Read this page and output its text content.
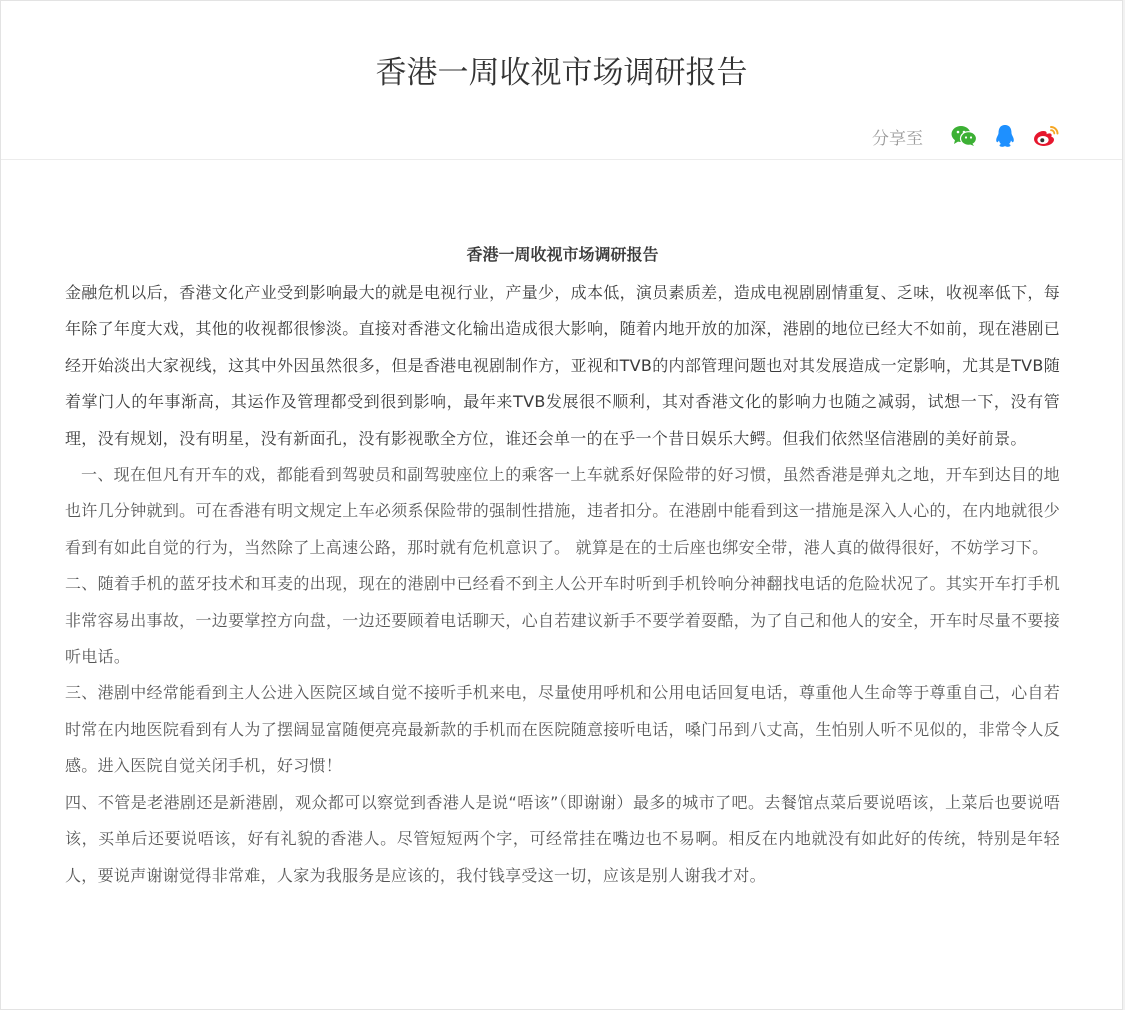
香港一周收视市场调研报告
分享至
香港一周收视市场调研报告

金融危机以后，香港文化产业受到影响最大的就是电视行业，产量少，成本低，演员素质差，造成电视剧剧情重复、乏味，收视率低下，每年除了年度大戏，其他的收视都很惨淡。直接对香港文化输出造成很大影响，随着内地开放的加深，港剧的地位已经大不如前，现在港剧已经开始淡出大家视线，这其中外因虽然很多，但是香港电视剧制作方，亚视和TVB的内部管理问题也对其发展造成一定影响，尤其是TVB随着掌门人的年事渐高，其运作及管理都受到很到影响，最年来TVB发展很不顺利，其对香港文化的影响力也随之减弱，试想一下，没有管理，没有规划，没有明星，没有新面孔，没有影视歌全方位，谁还会单一的在乎一个昔日娱乐大鳄。但我们依然坚信港剧的美好前景。

一、现在但凡有开车的戏，都能看到驾驶员和副驾驶座位上的乘客一上车就系好保险带的好习惯，虽然香港是弹丸之地，开车到达目的地也许几分钟就到。可在香港有明文规定上车必须系保险带的强制性措施，违者扣分。在港剧中能看到这一措施是深入人心的，在内地就很少看到有如此自觉的行为，当然除了上高速公路，那时就有危机意识了。 就算是在的士后座也绑安全带，港人真的做得很好，不妨学习下。

二、随着手机的蓝牙技术和耳麦的出现，现在的港剧中已经看不到主人公开车时听到手机铃响分神翻找电话的危险状况了。其实开车打手机非常容易出事故，一边要掌控方向盘，一边还要顾着电话聊天，心自若建议新手不要学着耍酷，为了自己和他人的安全，开车时尽量不要接听电话。

三、港剧中经常能看到主人公进入医院区域自觉不接听手机来电，尽量使用呼机和公用电话回复电话，尊重他人生命等于尊重自己，心自若时常在内地医院看到有人为了摆阔显富随便亮亮最新款的手机而在医院随意接听电话，嗓门吊到八丈高，生怕别人听不见似的，非常令人反感。进入医院自觉关闭手机，好习惯！

四、不管是老港剧还是新港剧，观众都可以察觉到香港人是说“唔该”（即谢谢）最多的城市了吧。去餐馆点菜后要说唔该，上菜后也要说唔该，买单后还要说唔该，好有礼貌的香港人。尽管短短两个字，可经常挂在嘴边也不易啊。相反在内地就没有如此好的传统，特别是年轻人，要说声谢谢觉得非常难，人家为我服务是应该的，我付钱享受这一切，应该是别人谢我才对。
